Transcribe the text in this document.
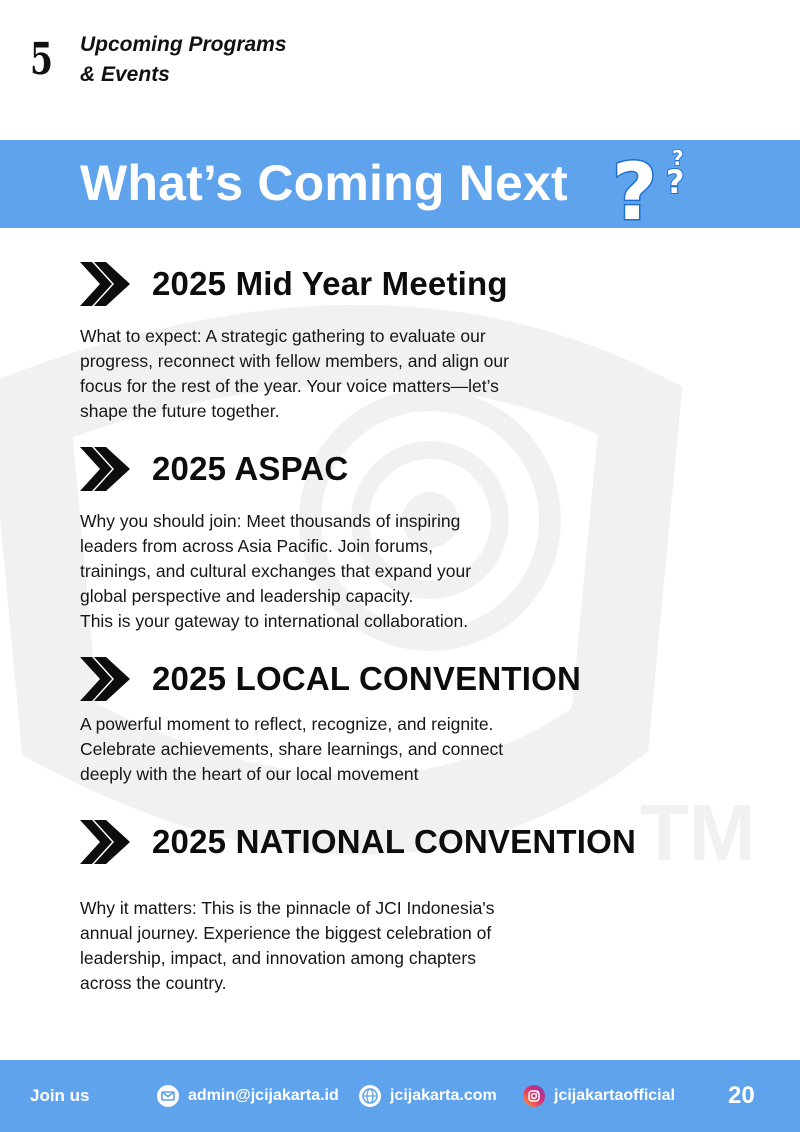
TM
5	Upcoming Programs
& Events
What’s Coming Next ? ?
?
2025 Mid Year Meeting

What to expect: A strategic gathering to evaluate our
progress, reconnect with fellow members, and align our
focus for the rest of the year. Your voice matters—let’s
shape the future together.

2025 ASPAC

Why you should join: Meet thousands of inspiring
leaders from across Asia Pacific. Join forums,
trainings, and cultural exchanges that expand your
global perspective and leadership capacity.
This is your gateway to international collaboration.

2025 LOCAL CONVENTION

A powerful moment to reflect, recognize, and reignite.
Celebrate achievements, share learnings, and connect
deeply with the heart of our local movement

2025 NATIONAL CONVENTION

Why it matters: This is the pinnacle of JCI Indonesia's
annual journey. Experience the biggest celebration of
leadership, impact, and innovation among chapters
across the country.

Join us	admin@jcijakarta.id	jcijakarta.com	jcijakartaofficial 20
